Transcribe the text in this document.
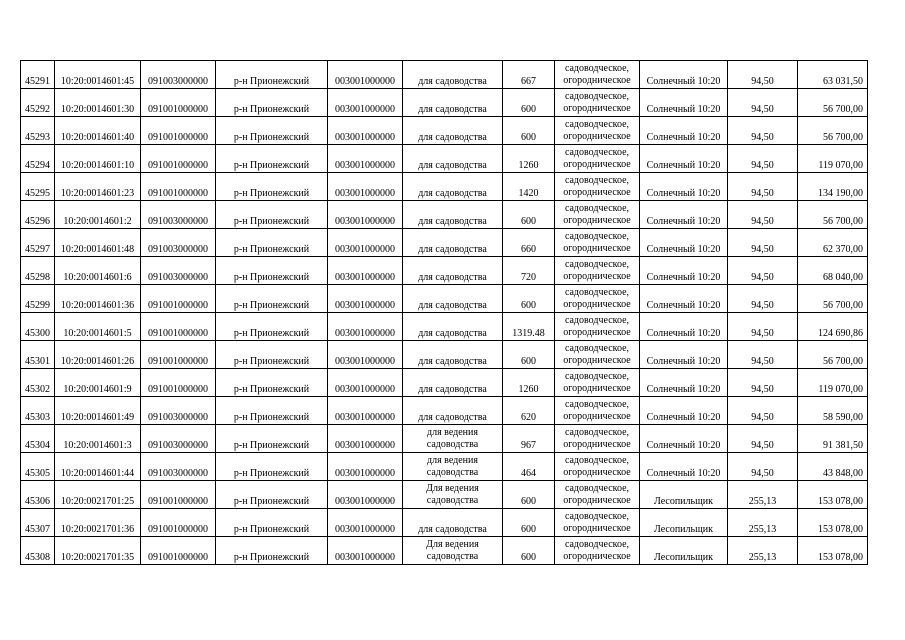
45291	10:20:0014601:45	091003000000	р-н Прионежский	003001000000	для садоводства	667	садоводческое, огородническое	Солнечный 10:20	94,50	63 031,50
45292	10:20:0014601:30	091001000000	р-н Прионежский	003001000000	для садоводства	600	садоводческое, огородническое	Солнечный 10:20	94,50	56 700,00
45293	10:20:0014601:40	091001000000	р-н Прионежский	003001000000	для садоводства	600	садоводческое, огородническое	Солнечный 10:20	94,50	56 700,00
45294	10:20:0014601:10	091001000000	р-н Прионежский	003001000000	для садоводства	1260	садоводческое, огородническое	Солнечный 10:20	94,50	119 070,00
45295	10:20:0014601:23	091001000000	р-н Прионежский	003001000000	для садоводства	1420	садоводческое, огородническое	Солнечный 10:20	94,50	134 190,00
45296	10:20:0014601:2	091003000000	р-н Прионежский	003001000000	для садоводства	600	садоводческое, огородническое	Солнечный 10:20	94,50	56 700,00
45297	10:20:0014601:48	091003000000	р-н Прионежский	003001000000	для садоводства	660	садоводческое, огородническое	Солнечный 10:20	94,50	62 370,00
45298	10:20:0014601:6	091003000000	р-н Прионежский	003001000000	для садоводства	720	садоводческое, огородническое	Солнечный 10:20	94,50	68 040,00
45299	10:20:0014601:36	091001000000	р-н Прионежский	003001000000	для садоводства	600	садоводческое, огородническое	Солнечный 10:20	94,50	56 700,00
45300	10:20:0014601:5	091001000000	р-н Прионежский	003001000000	для садоводства	1319.48	садоводческое, огородническое	Солнечный 10:20	94,50	124 690,86
45301	10:20:0014601:26	091001000000	р-н Прионежский	003001000000	для садоводства	600	садоводческое, огородническое	Солнечный 10:20	94,50	56 700,00
45302	10:20:0014601:9	091001000000	р-н Прионежский	003001000000	для садоводства	1260	садоводческое, огородническое	Солнечный 10:20	94,50	119 070,00
45303	10:20:0014601:49	091003000000	р-н Прионежский	003001000000	для садоводства	620	садоводческое, огородническое	Солнечный 10:20	94,50	58 590,00
45304	10:20:0014601:3	091003000000	р-н Прионежский	003001000000	для ведения садоводства	967	садоводческое, огородническое	Солнечный 10:20	94,50	91 381,50
45305	10:20:0014601:44	091003000000	р-н Прионежский	003001000000	для ведения садоводства	464	садоводческое, огородническое	Солнечный 10:20	94,50	43 848,00
45306	10:20:0021701:25	091001000000	р-н Прионежский	003001000000	Для ведения садоводства	600	садоводческое, огородническое	Лесопильщик	255,13	153 078,00
45307	10:20:0021701:36	091001000000	р-н Прионежский	003001000000	для садоводства	600	садоводческое, огородническое	Лесопильщик	255,13	153 078,00
45308	10:20:0021701:35	091001000000	р-н Прионежский	003001000000	Для ведения садоводства	600	садоводческое, огородническое	Лесопильщик	255,13	153 078,00
